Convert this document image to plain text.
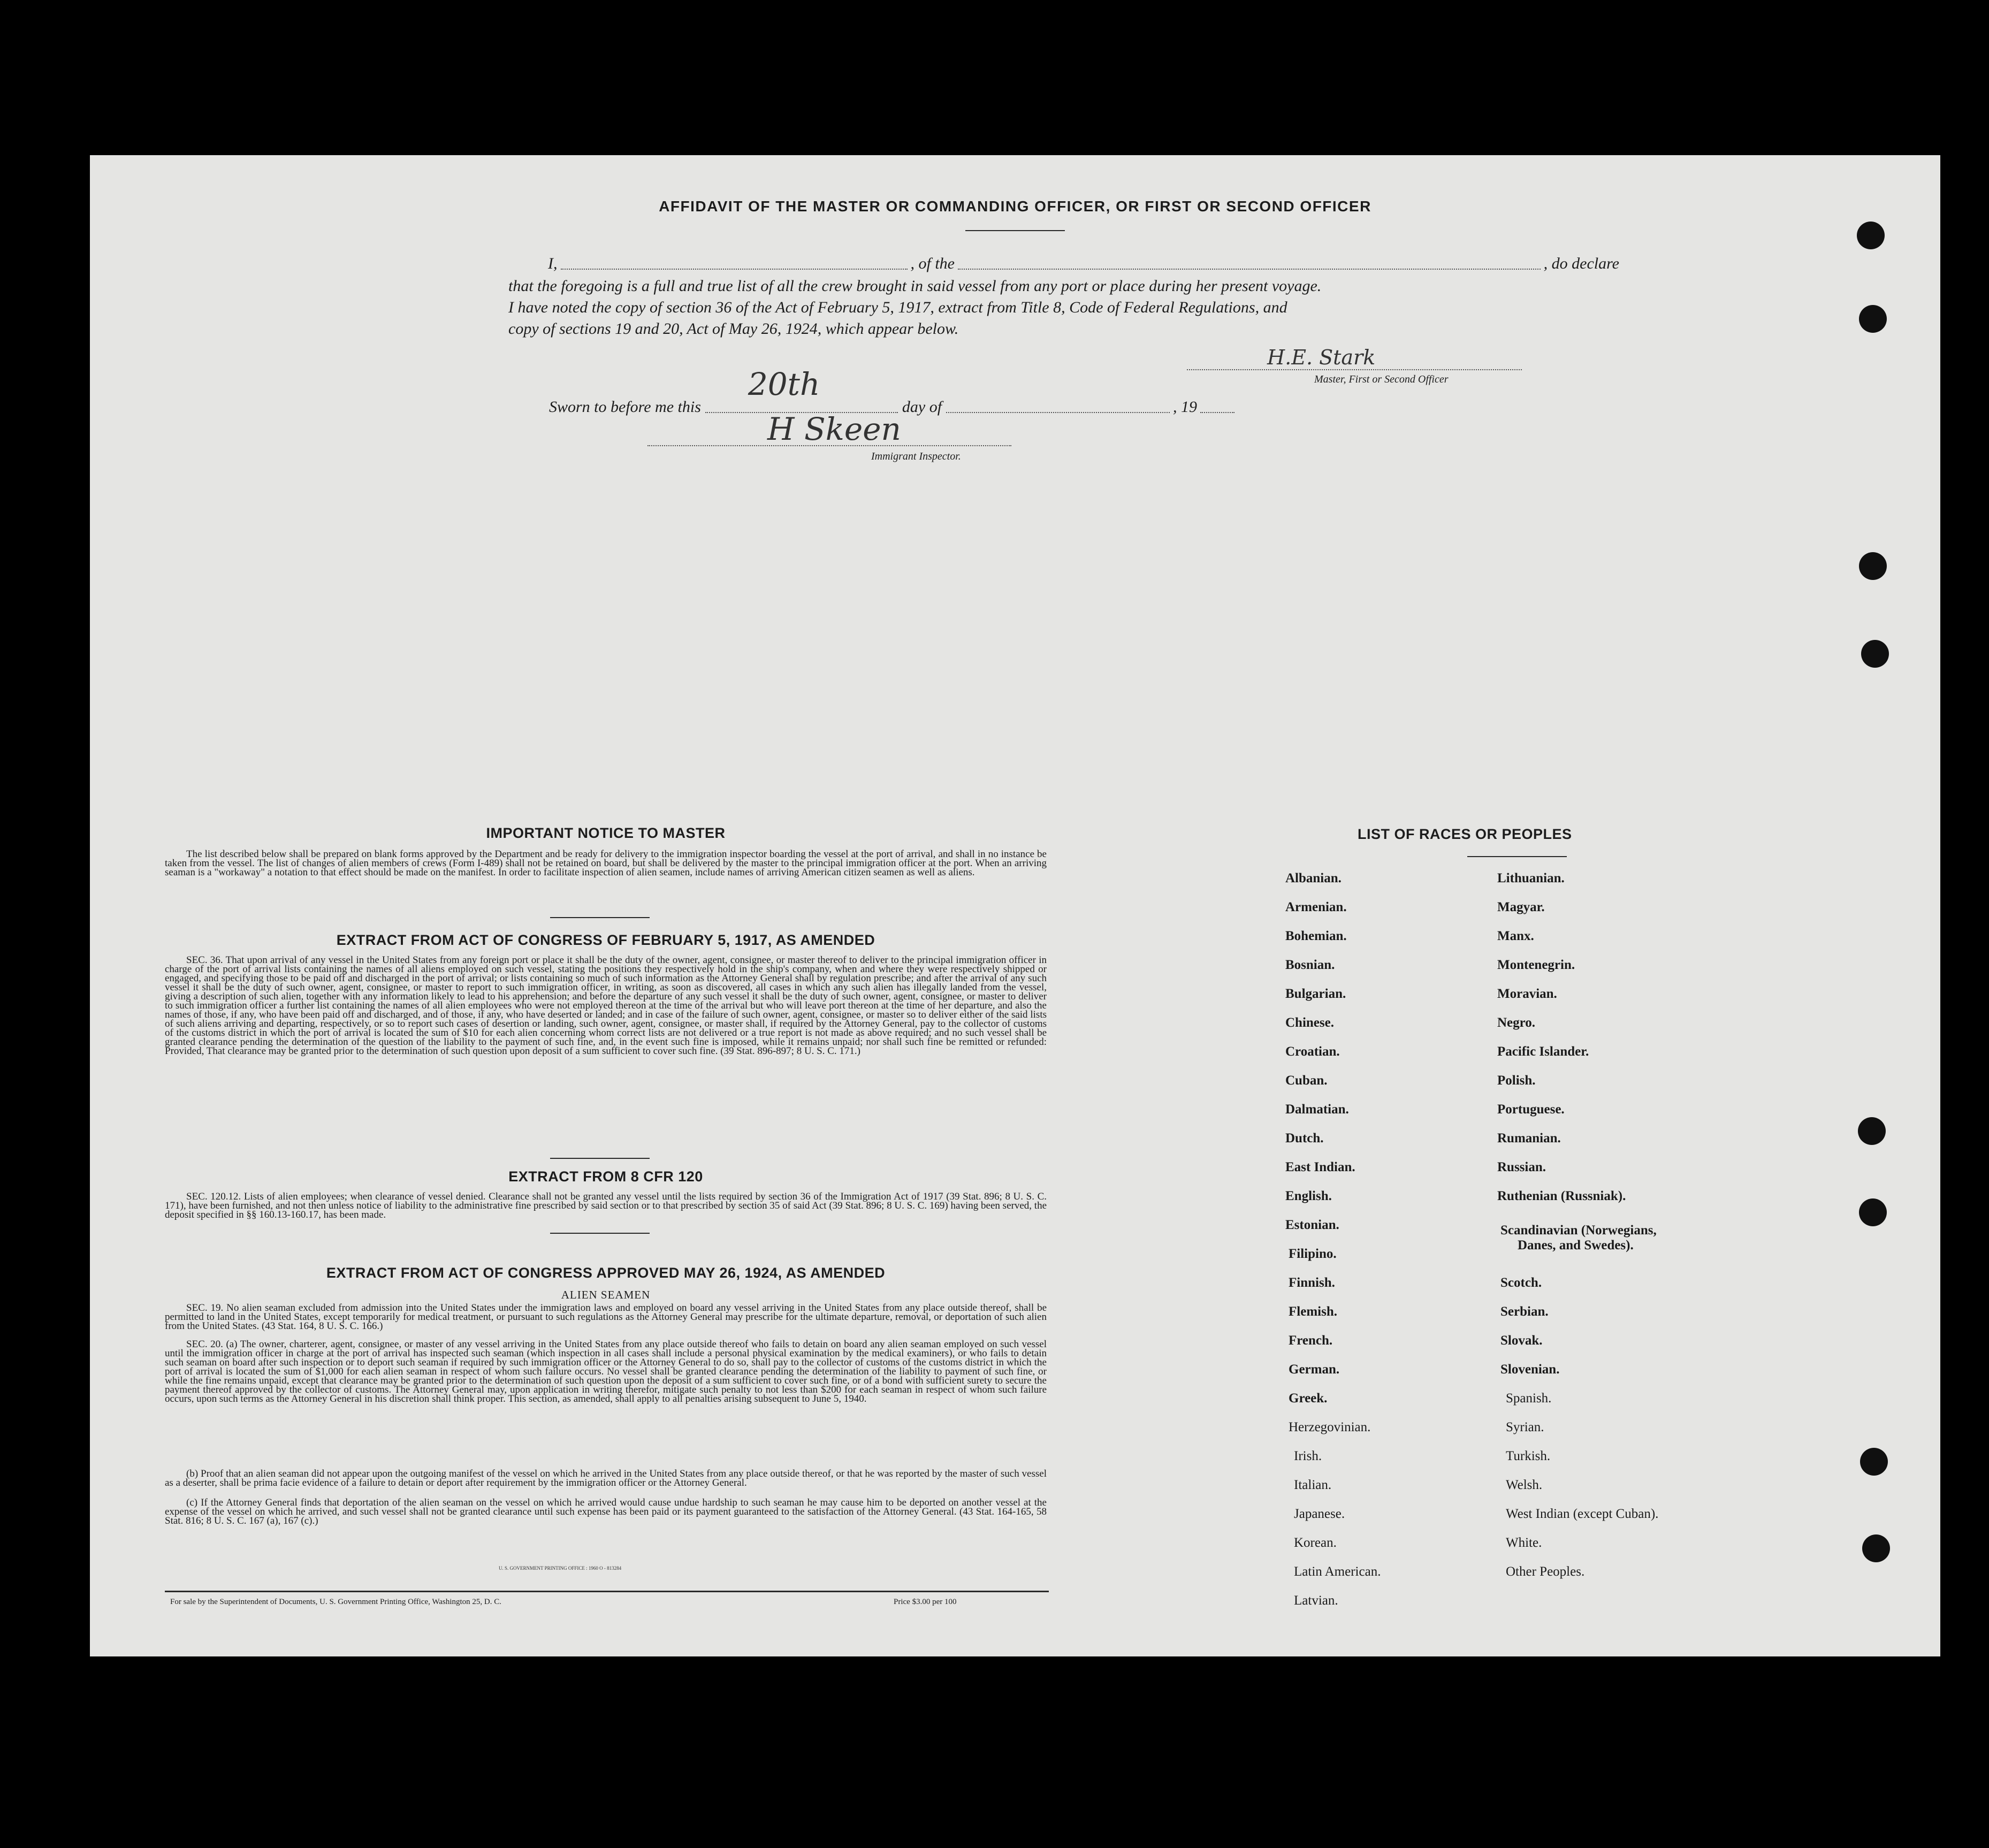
AFFIDAVIT OF THE MASTER OR COMMANDING OFFICER, OR FIRST OR SECOND OFFICER
I,	, of the	, do declare
that the foregoing is a full and true list of all the crew brought in said vessel from any port or place during her present voyage.
I have noted the copy of section 36 of the Act of February 5, 1917, extract from Title 8, Code of Federal Regulations, and
copy of sections 19 and 20, Act of May 26, 1924, which appear below.
H.E. Stark
Master, First or Second Officer
Sworn to before me this
20th
day of	, 19
H Skeen
Immigrant Inspector.
IMPORTANT NOTICE TO MASTER
The list described below shall be prepared on blank forms approved by the Department and be ready for delivery to the immigration inspector boarding the vessel at the port of arrival, and shall in no instance be taken from the vessel. The list of changes of alien members of crews (Form I-489) shall not be retained on board, but shall be delivered by the master to the principal immigration officer at the port. When an arriving seaman is a "workaway" a notation to that effect should be made on the manifest. In order to facilitate inspection of alien seamen, include names of arriving American citizen seamen as well as aliens.
EXTRACT FROM ACT OF CONGRESS OF FEBRUARY 5, 1917, AS AMENDED
SEC. 36. That upon arrival of any vessel in the United States from any foreign port or place it shall be the duty of the owner, agent, consignee, or master thereof to deliver to the principal immigration officer in charge of the port of arrival lists containing the names of all aliens employed on such vessel, stating the positions they respectively hold in the ship's company, when and where they were respectively shipped or engaged, and specifying those to be paid off and discharged in the port of arrival; or lists containing so much of such information as the Attorney General shall by regulation prescribe; and after the arrival of any such vessel it shall be the duty of such owner, agent, consignee, or master to report to such immigration officer, in writing, as soon as discovered, all cases in which any such alien has illegally landed from the vessel, giving a description of such alien, together with any information likely to lead to his apprehension; and before the departure of any such vessel it shall be the duty of such owner, agent, consignee, or master to deliver to such immigration officer a further list containing the names of all alien employees who were not employed thereon at the time of the arrival but who will leave port thereon at the time of her departure, and also the names of those, if any, who have been paid off and discharged, and of those, if any, who have deserted or landed; and in case of the failure of such owner, agent, consignee, or master so to deliver either of the said lists of such aliens arriving and departing, respectively, or so to report such cases of desertion or landing, such owner, agent, consignee, or master shall, if required by the Attorney General, pay to the collector of customs of the customs district in which the port of arrival is located the sum of $10 for each alien concerning whom correct lists are not delivered or a true report is not made as above required; and no such vessel shall be granted clearance pending the determination of the question of the liability to the payment of such fine, and, in the event such fine is imposed, while it remains unpaid; nor shall such fine be remitted or refunded: Provided, That clearance may be granted prior to the determination of such question upon deposit of a sum sufficient to cover such fine. (39 Stat. 896-897; 8 U. S. C. 171.)
EXTRACT FROM 8 CFR 120
SEC. 120.12. Lists of alien employees; when clearance of vessel denied. Clearance shall not be granted any vessel until the lists required by section 36 of the Immigration Act of 1917 (39 Stat. 896; 8 U. S. C. 171), have been furnished, and not then unless notice of liability to the administrative fine prescribed by said section or to that prescribed by section 35 of said Act (39 Stat. 896; 8 U. S. C. 169) having been served, the deposit specified in §§ 160.13-160.17, has been made.
EXTRACT FROM ACT OF CONGRESS APPROVED MAY 26, 1924, AS AMENDED
ALIEN SEAMEN
SEC. 19. No alien seaman excluded from admission into the United States under the immigration laws and employed on board any vessel arriving in the United States from any place outside thereof, shall be permitted to land in the United States, except temporarily for medical treatment, or pursuant to such regulations as the Attorney General may prescribe for the ultimate departure, removal, or deportation of such alien from the United States. (43 Stat. 164, 8 U. S. C. 166.)
SEC. 20. (a) The owner, charterer, agent, consignee, or master of any vessel arriving in the United States from any place outside thereof who fails to detain on board any alien seaman employed on such vessel until the immigration officer in charge at the port of arrival has inspected such seaman (which inspection in all cases shall include a personal physical examination by the medical examiners), or who fails to detain such seaman on board after such inspection or to deport such seaman if required by such immigration officer or the Attorney General to do so, shall pay to the collector of customs of the customs district in which the port of arrival is located the sum of $1,000 for each alien seaman in respect of whom such failure occurs. No vessel shall be granted clearance pending the determination of the liability to payment of such fine, or while the fine remains unpaid, except that clearance may be granted prior to the determination of such question upon the deposit of a sum sufficient to cover such fine, or of a bond with sufficient surety to secure the payment thereof approved by the collector of customs. The Attorney General may, upon application in writing therefor, mitigate such penalty to not less than $200 for each seaman in respect of whom such failure occurs, upon such terms as the Attorney General in his discretion shall think proper. This section, as amended, shall apply to all penalties arising subsequent to June 5, 1940.
(b) Proof that an alien seaman did not appear upon the outgoing manifest of the vessel on which he arrived in the United States from any place outside thereof, or that he was reported by the master of such vessel as a deserter, shall be prima facie evidence of a failure to detain or deport after requirement by the immigration officer or the Attorney General.
(c) If the Attorney General finds that deportation of the alien seaman on the vessel on which he arrived would cause undue hardship to such seaman he may cause him to be deported on another vessel at the expense of the vessel on which he arrived, and such vessel shall not be granted clearance until such expense has been paid or its payment guaranteed to the satisfaction of the Attorney General. (43 Stat. 164-165, 58 Stat. 816; 8 U. S. C. 167 (a), 167 (c).)
U. S. GOVERNMENT PRINTING OFFICE : 1960 O - 813284
For sale by the Superintendent of Documents, U. S. Government Printing Office, Washington 25, D. C.	Price $3.00 per 100
LIST OF RACES OR PEOPLES
Albanian.
Armenian.
Bohemian.
Bosnian.
Bulgarian.
Chinese.
Croatian.
Cuban.
Dalmatian.
Dutch.
East Indian.
English.
Estonian.
Filipino.
Finnish.
Flemish.
French.
German.
Greek.
Herzegovinian.
Irish.
Italian.
Japanese.
Korean.
Latin American.
Latvian.
Lithuanian.
Magyar.
Manx.
Montenegrin.
Moravian.
Negro.
Pacific Islander.
Polish.
Portuguese.
Rumanian.
Russian.
Ruthenian (Russniak).
Scandinavian (Norwegians,
Danes, and Swedes).
Scotch.
Serbian.
Slovak.
Slovenian.
Spanish.
Syrian.
Turkish.
Welsh.
West Indian (except Cuban).
White.
Other Peoples.
